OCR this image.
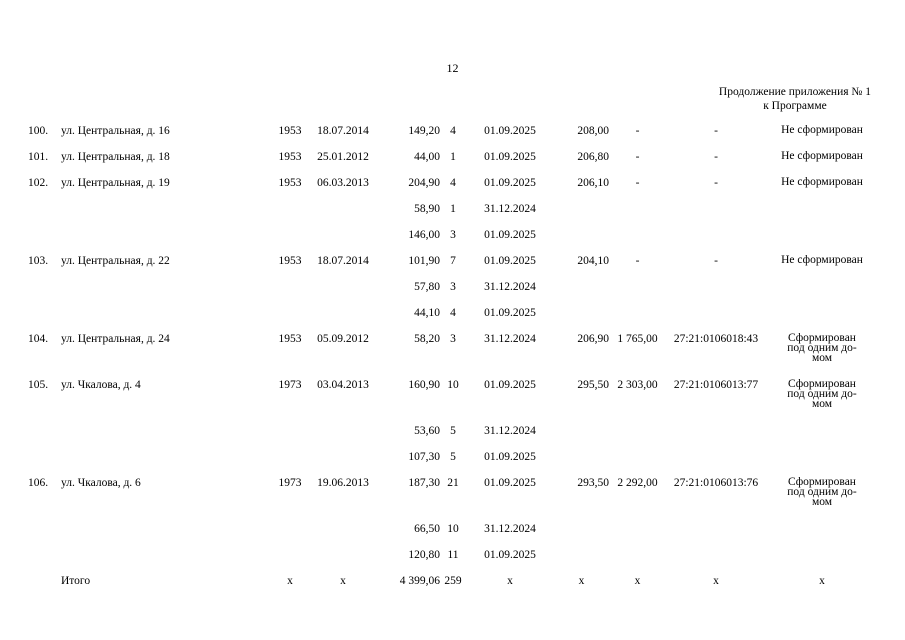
12
Продолжение приложения № 1
к Программе
100.	ул. Центральная, д. 16	1953	18.07.2014	149,20	4	01.09.2025	208,00	-	-	Не сформирован

101.	ул. Центральная, д. 18	1953	25.01.2012	44,00	1	01.09.2025	206,80	-	-	Не сформирован

102.	ул. Центральная, д. 19	1953	06.03.2013	204,90	4	01.09.2025	206,10	-	-	Не сформирован

				58,90	1	31.12.2024				
				146,00	3	01.09.2025				
103.	ул. Центральная, д. 22	1953	18.07.2014	101,90	7	01.09.2025	204,10	-	-	Не сформирован

				57,80	3	31.12.2024				
				44,10	4	01.09.2025				
104.	ул. Центральная, д. 24	1953	05.09.2012	58,20	3	31.12.2024	206,90	1 765,00	27:21:0106018:43	Сформирован
под одним до-
мом

105.	ул. Чкалова, д. 4	1973	03.04.2013	160,90	10	01.09.2025	295,50	2 303,00	27:21:0106013:77	Сформирован
под одним до-
мом

				53,60	5	31.12.2024				
				107,30	5	01.09.2025				
106.	ул. Чкалова, д. 6	1973	19.06.2013	187,30	21	01.09.2025	293,50	2 292,00	27:21:0106013:76	Сформирован
под одним до-
мом

				66,50	10	31.12.2024				
				120,80	11	01.09.2025				
	Итого	x	x	4 399,06	259	x	x	x	x	x
